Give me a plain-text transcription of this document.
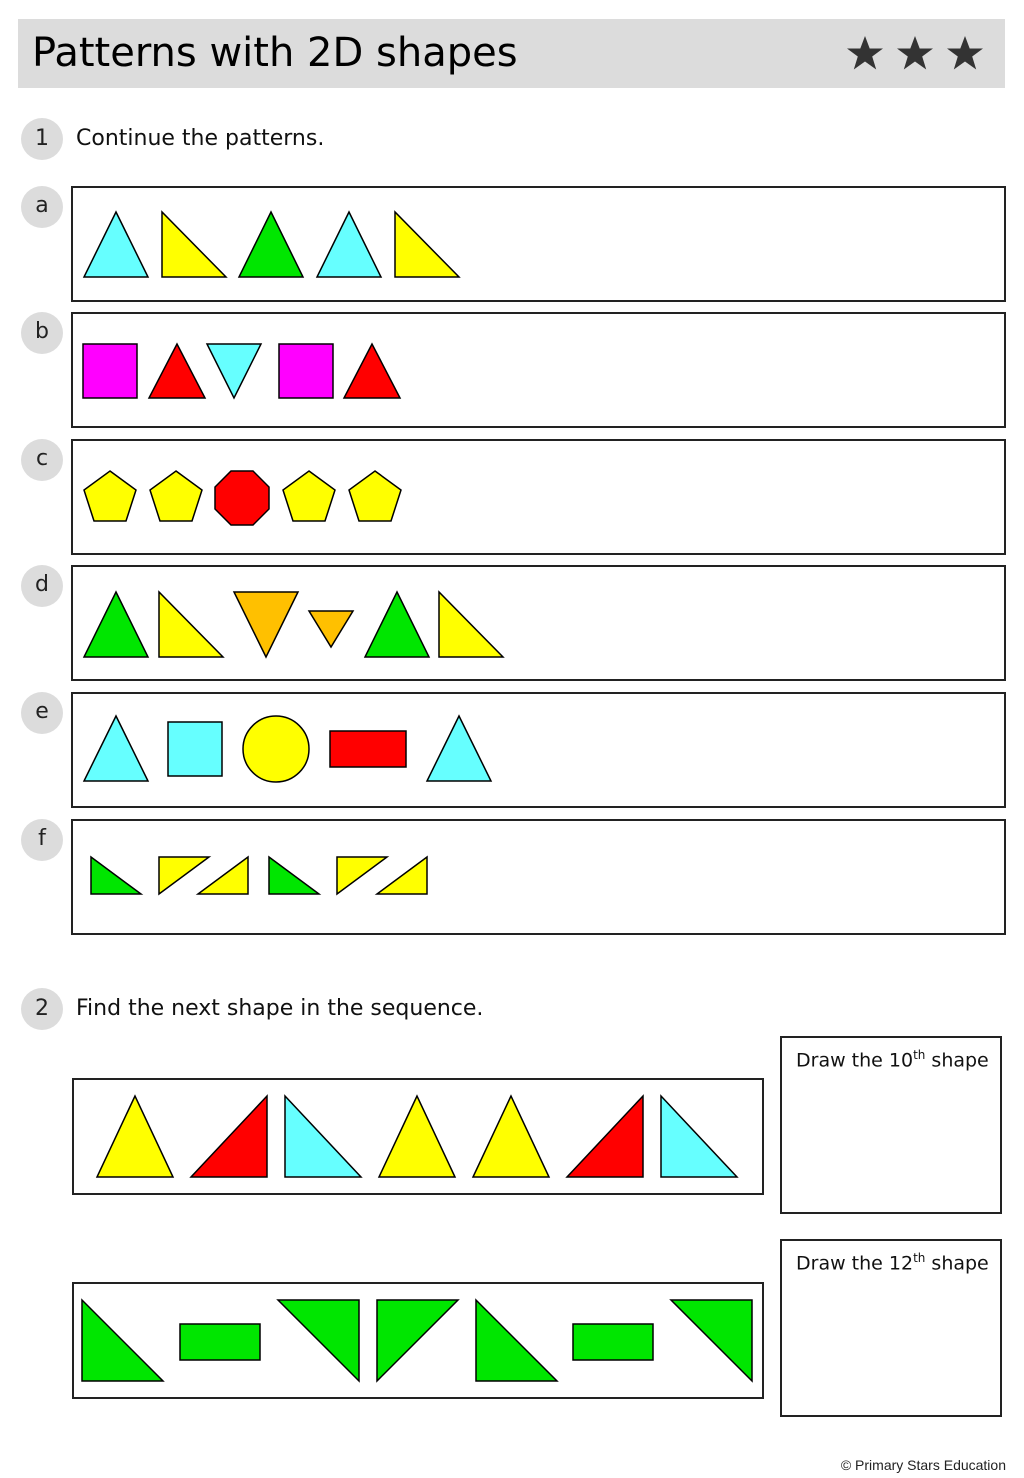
Patterns with 2D shapes
1	Continue the patterns.
a
b
c
d
e
f
2	Find the next shape in the sequence.
Draw the 10th shape
Draw the 12th shape
© Primary Stars Education
